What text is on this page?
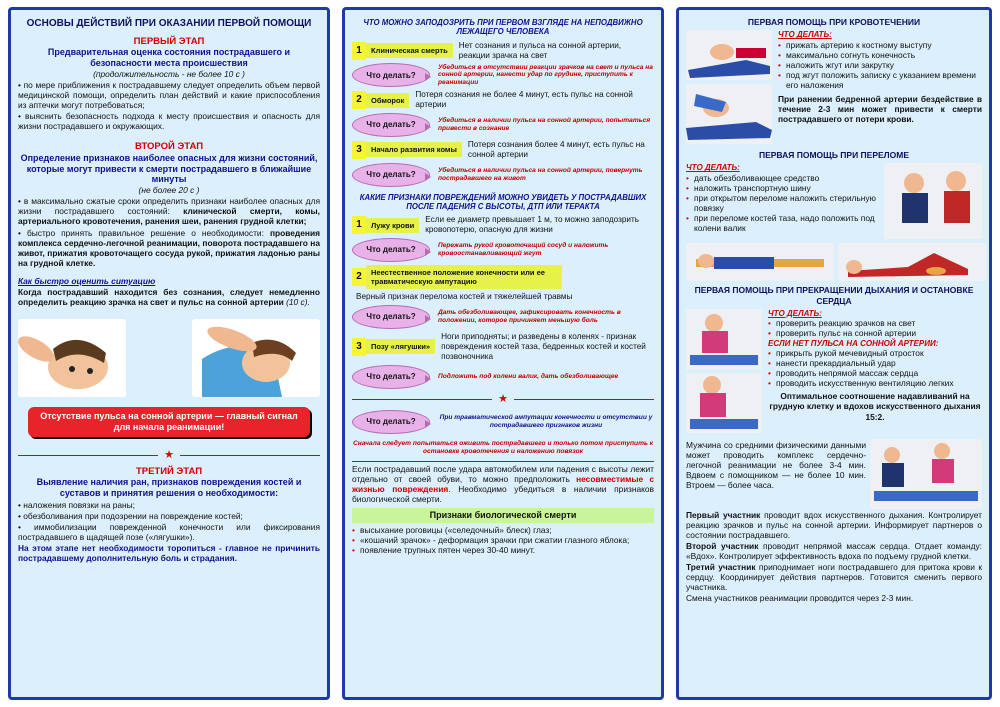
ОСНОВЫ ДЕЙСТВИЙ ПРИ ОКАЗАНИИ ПЕРВОЙ ПОМОЩИ
ПЕРВЫЙ ЭТАП
Предварительная оценка состояния пострадавшего и безопасности места происшествия
(продолжительность - не более 10 с )

• по мере приближения к пострадавшему следует определить объем первой медицинской помощи, определить план действий и какие приспособления из аптечки могут потребоваться;

• выяснить безопасность подхода к месту происшествия и опасность для жизни пострадавшего и окружающих.

ВТОРОЙ ЭТАП
Определение признаков наиболее опасных для жизни состояний, которые могут привести к смерти пострадавшего в ближайшие минуты
(не более 20 с )

• в максимально сжатые сроки определить признаки наиболее опасных для жизни пострадавшего состояний: клинической смерти, комы, артериального кровотечения, ранения шеи, ранения грудной клетки;

• быстро принять правильное решение о необходимости: проведения комплекса сердечно-легочной реанимации, поворота пострадавшего на живот, прижатия кровоточащего сосуда рукой, прижатия ладонью раны на грудной клетке.

Как быстро оценить ситуацию

Когда пострадавший находится без сознания, следует немедленно определить реакцию зрачка на свет и пульс на сонной артерии (10 с).

Отсутствие пульса на сонной артерии — главный сигнал для начала реанимации!
★
ТРЕТИЙ ЭТАП
Выявление наличия ран, признаков повреждения костей и суставов и принятия решения о необходимости:

• наложения повязки на раны;

• обезболивания при подозрении на повреждение костей;

• иммобилизации поврежденной конечности или фиксирования пострадавшего в щадящей позе («лягушки»).

На этом этапе нет необходимости торопиться - главное не причинить пострадавшему дополнительную боль и страдания.

ЧТО МОЖНО ЗАПОДОЗРИТЬ ПРИ ПЕРВОМ ВЗГЛЯДЕ НА НЕПОДВИЖНО ЛЕЖАЩЕГО ЧЕЛОВЕКА
1	Клиническая смерть
Нет сознания и пульса на сонной артерии, реакции зрачка на свет
Что делать?
Убедиться в отсутствии реакции зрачков на свет и пульса на сонной артерии, нанести удар по грудине, приступить к реанимации
2	Обморок
Потеря сознания не более 4 минут, есть пульс на сонной артерии
Что делать?	Убедиться в наличии пульса на сонной артерии, попытаться привести в сознание
3	Начало развития комы
Потеря сознания более 4 минут, есть пульс на сонной артерии
Что делать?	Убедиться в наличии пульса на сонной артерии, повернуть пострадавшего на живот
КАКИЕ ПРИЗНАКИ ПОВРЕЖДЕНИЙ МОЖНО УВИДЕТЬ У ПОСТРАДАВШИХ ПОСЛЕ ПАДЕНИЯ С ВЫСОТЫ, ДТП ИЛИ ТЕРАКТА
1	Лужу крови
Если ее диаметр превышает 1 м, то можно заподозрить кровопотерю, опасную для жизни
Что делать?	Пережать рукой кровоточащий сосуд и наложить кровоостанавливающий жгут
2	Неестественное положение конечности или ее травматическую ампутацию
Верный признак перелома костей и тяжелейшей травмы
Что делать?	Дать обезболивающее, зафиксировать конечность в положении, которое причиняет меньшую боль
3	Позу «лягушки»
Ноги приподняты; и разведены в коленях - признак повреждения костей таза, бедренных костей и костей позвоночника
Что делать?	Подложить под колени валик, дать обезболивающее
★
Что делать?	При травматической ампутации конечности и отсутствии у пострадавшего признаков жизни
Сначала следует попытаться оживить пострадавшего и только потом приступить к остановке кровотечения и наложению повязок

Если пострадавший после удара автомобилем или падения с высоты лежит отдельно от своей обуви, то можно предположить несовместимые с жизнью повреждения. Необходимо убедиться в наличии признаков биологической смерти.

Признаки биологической смерти
• высыхание роговицы («селедочный» блеск) глаз;
• «кошачий зрачок» - деформация зрачки при сжатии глазного яблока;
• появление трупных пятен через 30-40 минут.
ПЕРВАЯ ПОМОЩЬ ПРИ КРОВОТЕЧЕНИИ
ЧТО ДЕЛАТЬ:
• прижать артерию к костному выступу
• максимально согнуть конечность
• наложить жгут или закрутку
• под жгут положить записку с указанием времени его наложения

При ранении бедренной артерии бездействие в течение 2-3 мин может привести к смерти пострадавшего от потери крови.

ПЕРВАЯ ПОМОЩЬ ПРИ ПЕРЕЛОМЕ
ЧТО ДЕЛАТЬ:
• дать обезболивающее средство
• наложить транспортную шину
• при открытом переломе наложить стерильную повязку
• при переломе костей таза, надо положить под колени валик
ПЕРВАЯ ПОМОЩЬ ПРИ ПРЕКРАЩЕНИИ ДЫХАНИЯ И ОСТАНОВКЕ СЕРДЦА
ЧТО ДЕЛАТЬ:
• проверить реакцию зрачков на свет
• проверить пульс на сонной артерии
ЕСЛИ НЕТ ПУЛЬСА НА СОННОЙ АРТЕРИИ:
• прикрыть рукой мечевидный отросток
• нанести прекардиальный удар
• проводить непрямой массаж сердца
• проводить искусственную вентиляцию легких

Оптимальное соотношение надавливаний на грудную клетку и вдохов искусственного дыхания 15:2.

Мужчина со средними физическими данными может проводить комплекс сердечно-легочной реанимации не более 3-4 мин. Вдвоем с помощником — не более 10 мин. Втроем — более часа.

Первый участник проводит вдох искусственного дыхания. Контролирует реакцию зрачков и пульс на сонной артерии. Информирует партнеров о состоянии пострадавшего.

Второй участник проводит непрямой массаж сердца. Отдает команду: «Вдох». Контролирует эффективность вдоха по подъему грудной клетки.

Третий участник приподнимает ноги пострадавшего для притока крови к сердцу. Координирует действия партнеров. Готовится сменить первого участника.

Смена участников реанимации проводится через 2-3 мин.
